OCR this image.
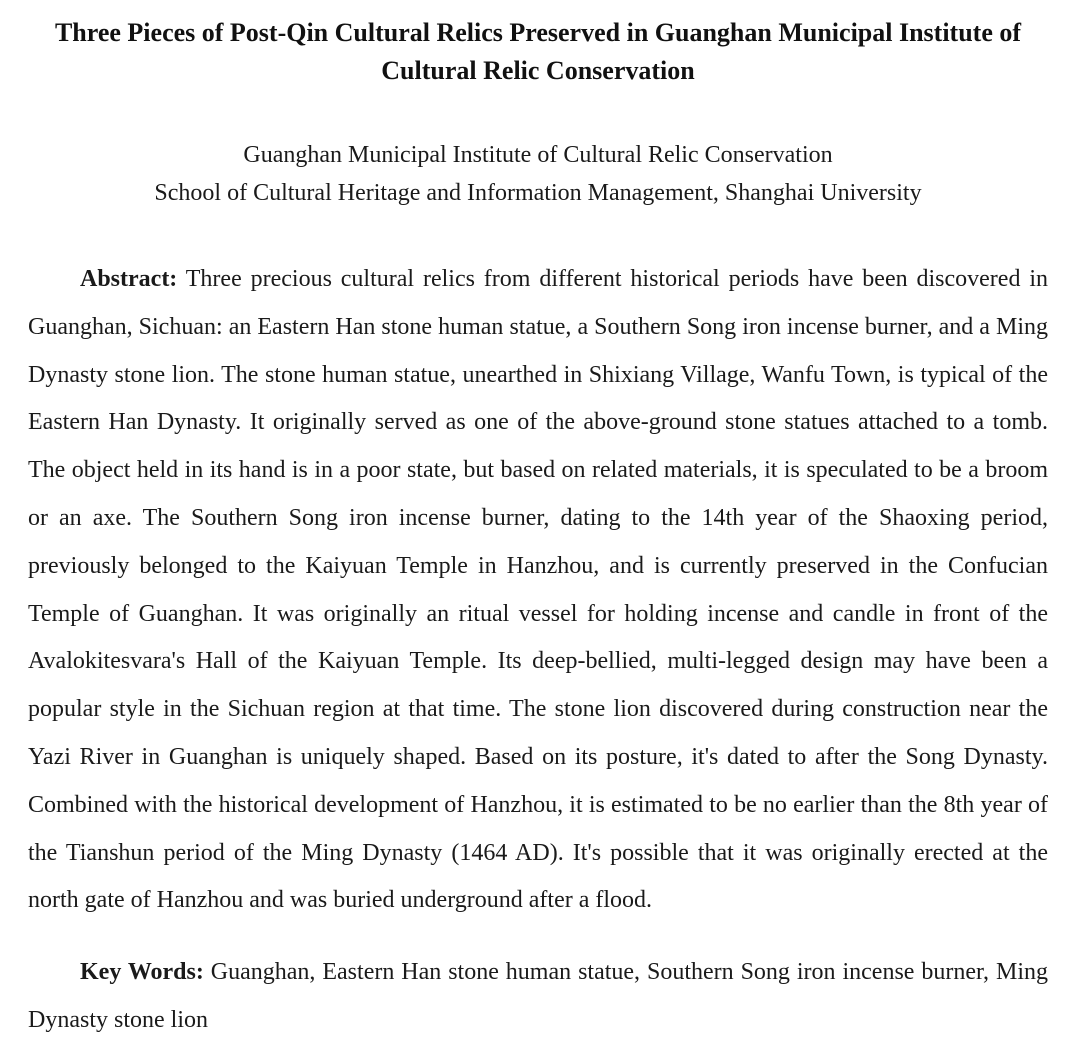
Three Pieces of Post-Qin Cultural Relics Preserved in Guanghan Municipal Institute of
Cultural Relic Conservation
Guanghan Municipal Institute of Cultural Relic Conservation
School of Cultural Heritage and Information Management, Shanghai University

Abstract: Three precious cultural relics from different historical periods have been discovered in Guanghan, Sichuan: an Eastern Han stone human statue, a Southern Song iron incense burner, and a Ming Dynasty stone lion. The stone human statue, unearthed in Shixiang Village, Wanfu Town, is typical of the Eastern Han Dynasty. It originally served as one of the above-ground stone statues attached to a tomb. The object held in its hand is in a poor state, but based on related materials, it is speculated to be a broom or an axe. The Southern Song iron incense burner, dating to the 14th year of the Shaoxing period, previously belonged to the Kaiyuan Temple in Hanzhou, and is currently preserved in the Confucian Temple of Guanghan. It was originally an ritual vessel for holding incense and candle in front of the Avalokitesvara's Hall of the Kaiyuan Temple. Its deep-bellied, multi-legged design may have been a popular style in the Sichuan region at that time. The stone lion discovered during construction near the Yazi River in Guanghan is uniquely shaped. Based on its posture, it's dated to after the Song Dynasty. Combined with the historical development of Hanzhou, it is estimated to be no earlier than the 8th year of the Tianshun period of the Ming Dynasty (1464 AD). It's possible that it was originally erected at the north gate of Hanzhou and was buried underground after a flood.

Key Words: Guanghan, Eastern Han stone human statue, Southern Song iron incense burner, Ming Dynasty stone lion
